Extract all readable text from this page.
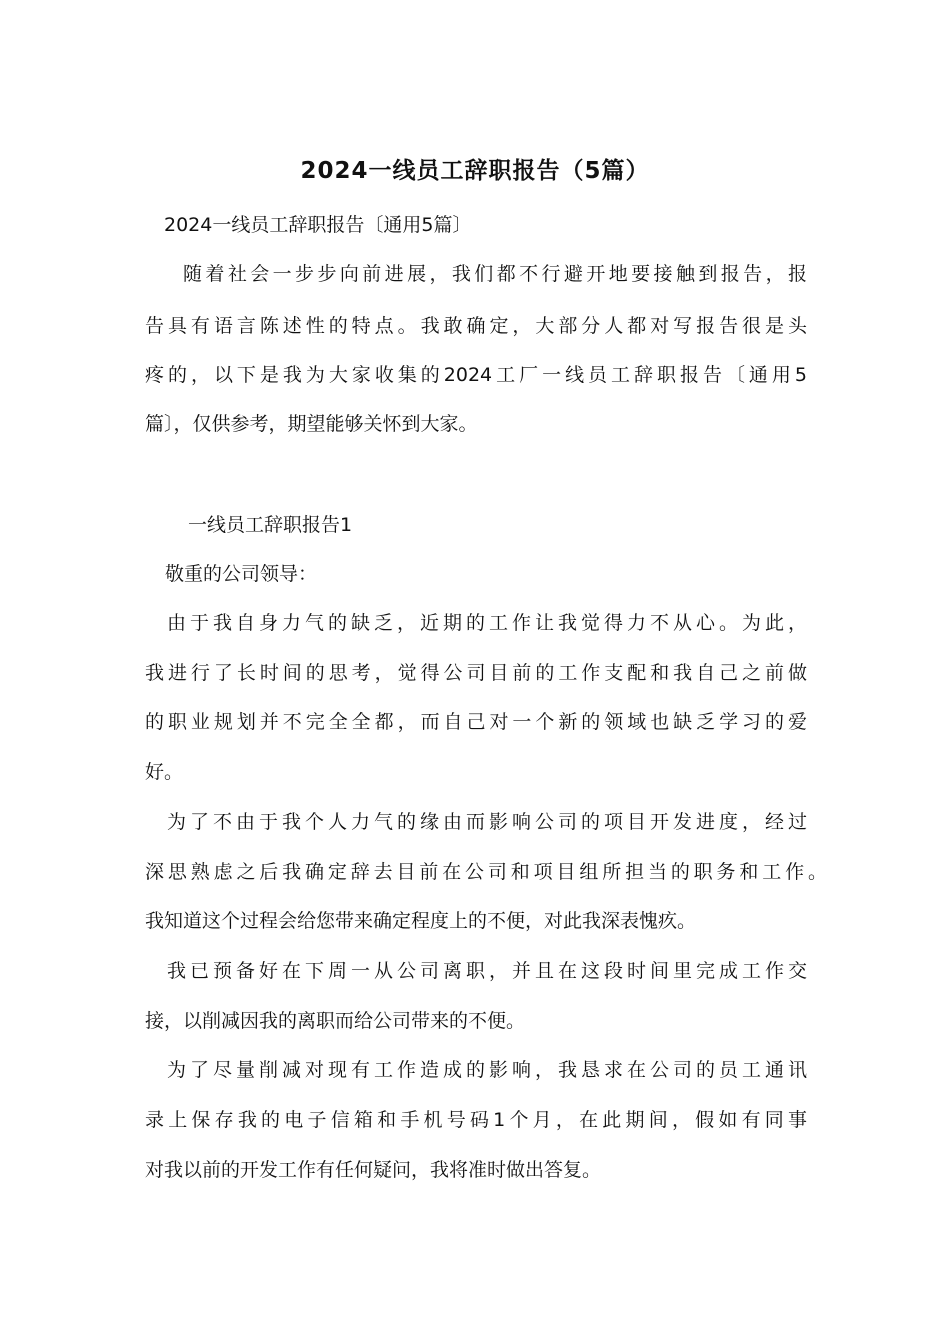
2024一线员工辞职报告（5篇）
2024一线员工辞职报告〔通用5篇〕
随着社会一步步向前进展，我们都不行避开地要接触到报告，报
告具有语言陈述性的特点。我敢确定，大部分人都对写报告很是头
疼的，以下是我为大家收集的2024工厂一线员工辞职报告〔通用5
篇〕，仅供参考，期望能够关怀到大家。
一线员工辞职报告1
敬重的公司领导：
由于我自身力气的缺乏，近期的工作让我觉得力不从心。为此，
我进行了长时间的思考，觉得公司目前的工作支配和我自己之前做
的职业规划并不完全全都，而自己对一个新的领域也缺乏学习的爱
好。
为了不由于我个人力气的缘由而影响公司的项目开发进度，经过
深思熟虑之后我确定辞去目前在公司和项目组所担当的职务和工作。
我知道这个过程会给您带来确定程度上的不便，对此我深表愧疚。
我已预备好在下周一从公司离职，并且在这段时间里完成工作交
接，以削减因我的离职而给公司带来的不便。
为了尽量削减对现有工作造成的影响，我恳求在公司的员工通讯
录上保存我的电子信箱和手机号码1个月，在此期间，假如有同事
对我以前的开发工作有任何疑问，我将准时做出答复。
